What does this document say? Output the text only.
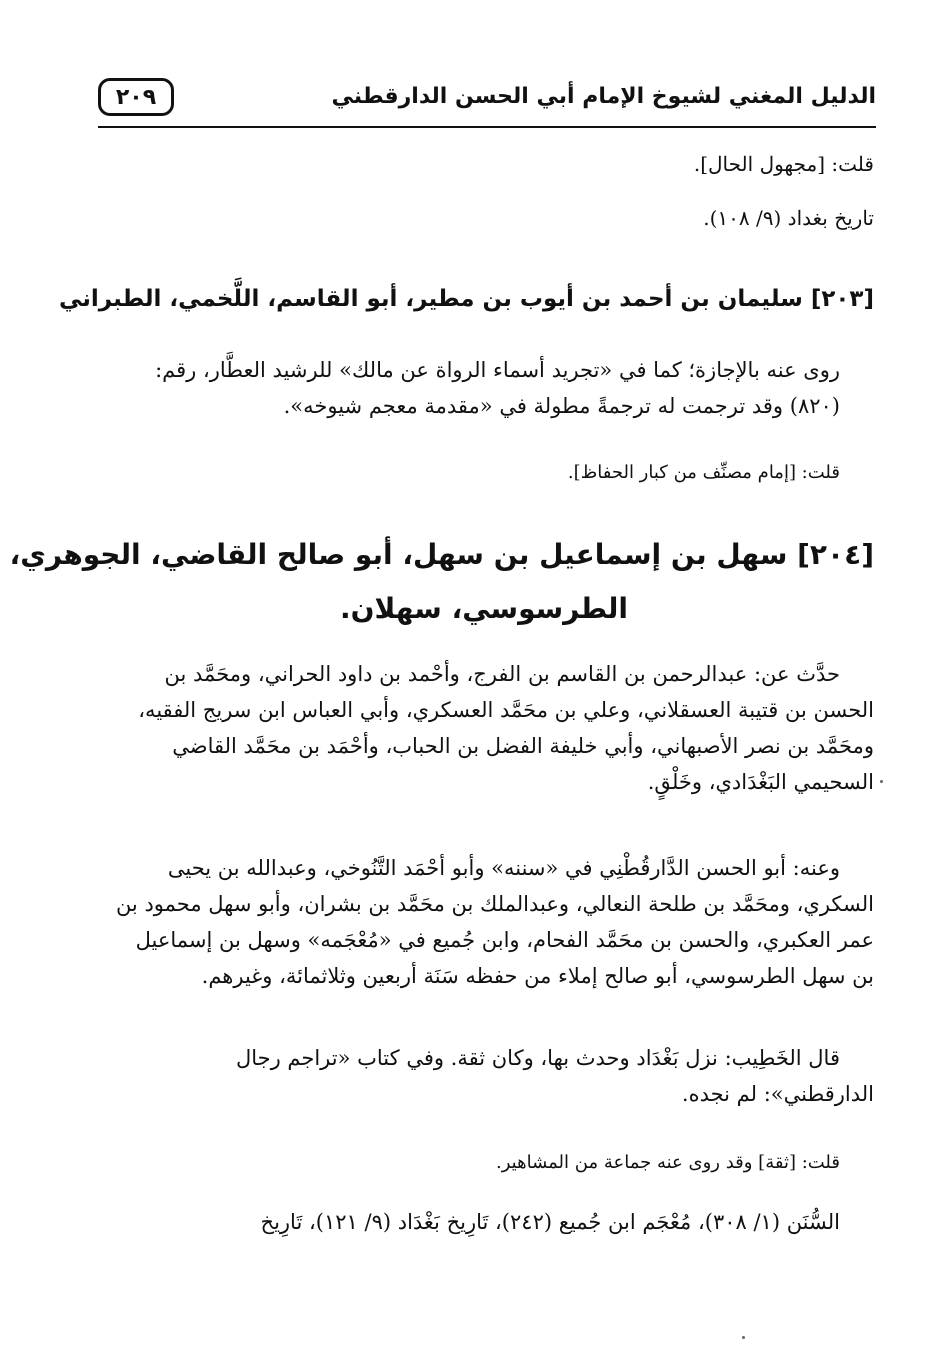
الدليل المغني لشيوخ الإمام أبي الحسن الدارقطني
٢٠٩
قلت: [مجهول الحال].
تاريخ بغداد (٩/ ١٠٨).
[٢٠٣] سليمان بن أحمد بن أيوب بن مطير، أبو القاسم، اللَّخمي، الطبراني
روى عنه بالإجازة؛ كما في «تجريد أسماء الرواة عن مالك» للرشيد العطَّار، رقم:
(٨٢٠) وقد ترجمت له ترجمةً مطولة في «مقدمة معجم شيوخه».
قلت: [إمام مصنِّف من كبار الحفاظ].
[٢٠٤] سهل بن إسماعيل بن سهل، أبو صالح القاضي، الجوهري،
الطرسوسي، سهلان.
حدَّث عن: عبدالرحمن بن القاسم بن الفرج، وأحْمد بن داود الحراني، ومحَمَّد بن
الحسن بن قتيبة العسقلاني، وعلي بن محَمَّد العسكري، وأبي العباس ابن سريج الفقيه،
ومحَمَّد بن نصر الأصبهاني، وأبي خليفة الفضل بن الحباب، وأحْمَد بن محَمَّد القاضي
السحيمي البَغْدَادي، وخَلْقٍ.
وعنه: أبو الحسن الدَّارقُطْنِي في «سننه» وأبو أحْمَد التَّنُوخي، وعبدالله بن يحيى
السكري، ومحَمَّد بن طلحة النعالي، وعبدالملك بن محَمَّد بن بشران، وأبو سهل محمود بن
عمر العكبري، والحسن بن محَمَّد الفحام، وابن جُميع في «مُعْجَمه» وسهل بن إسماعيل
بن سهل الطرسوسي، أبو صالح إملاء من حفظه سَنَة أربعين وثلاثمائة، وغيرهم.
قال الخَطِيب: نزل بَغْدَاد وحدث بها، وكان ثقة. وفي كتاب «تراجم رجال
الدارقطني»: لم نجده.
قلت: [ثقة] وقد روى عنه جماعة من المشاهير.
السُّنَن (١/ ٣٠٨)، مُعْجَم ابن جُميع (٢٤٢)، تَارِيخ بَغْدَاد (٩/ ١٢١)، تَارِيخ
